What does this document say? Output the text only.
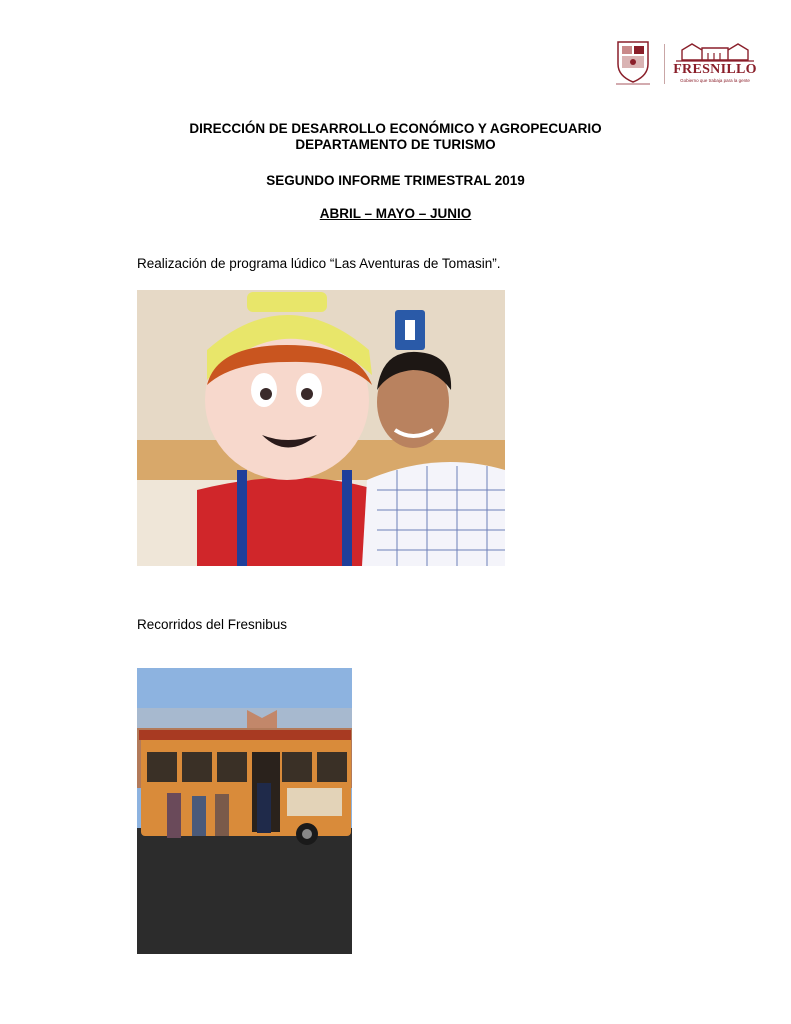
FRESNILLO
Gobierno que trabaja para la gente
DIRECCIÓN DE DESARROLLO ECONÓMICO Y AGROPECUARIO
DEPARTAMENTO DE TURISMO
SEGUNDO INFORME TRIMESTRAL 2019
ABRIL – MAYO – JUNIO
Realización de programa lúdico “Las Aventuras de Tomasin”.
Recorridos del Fresnibus
